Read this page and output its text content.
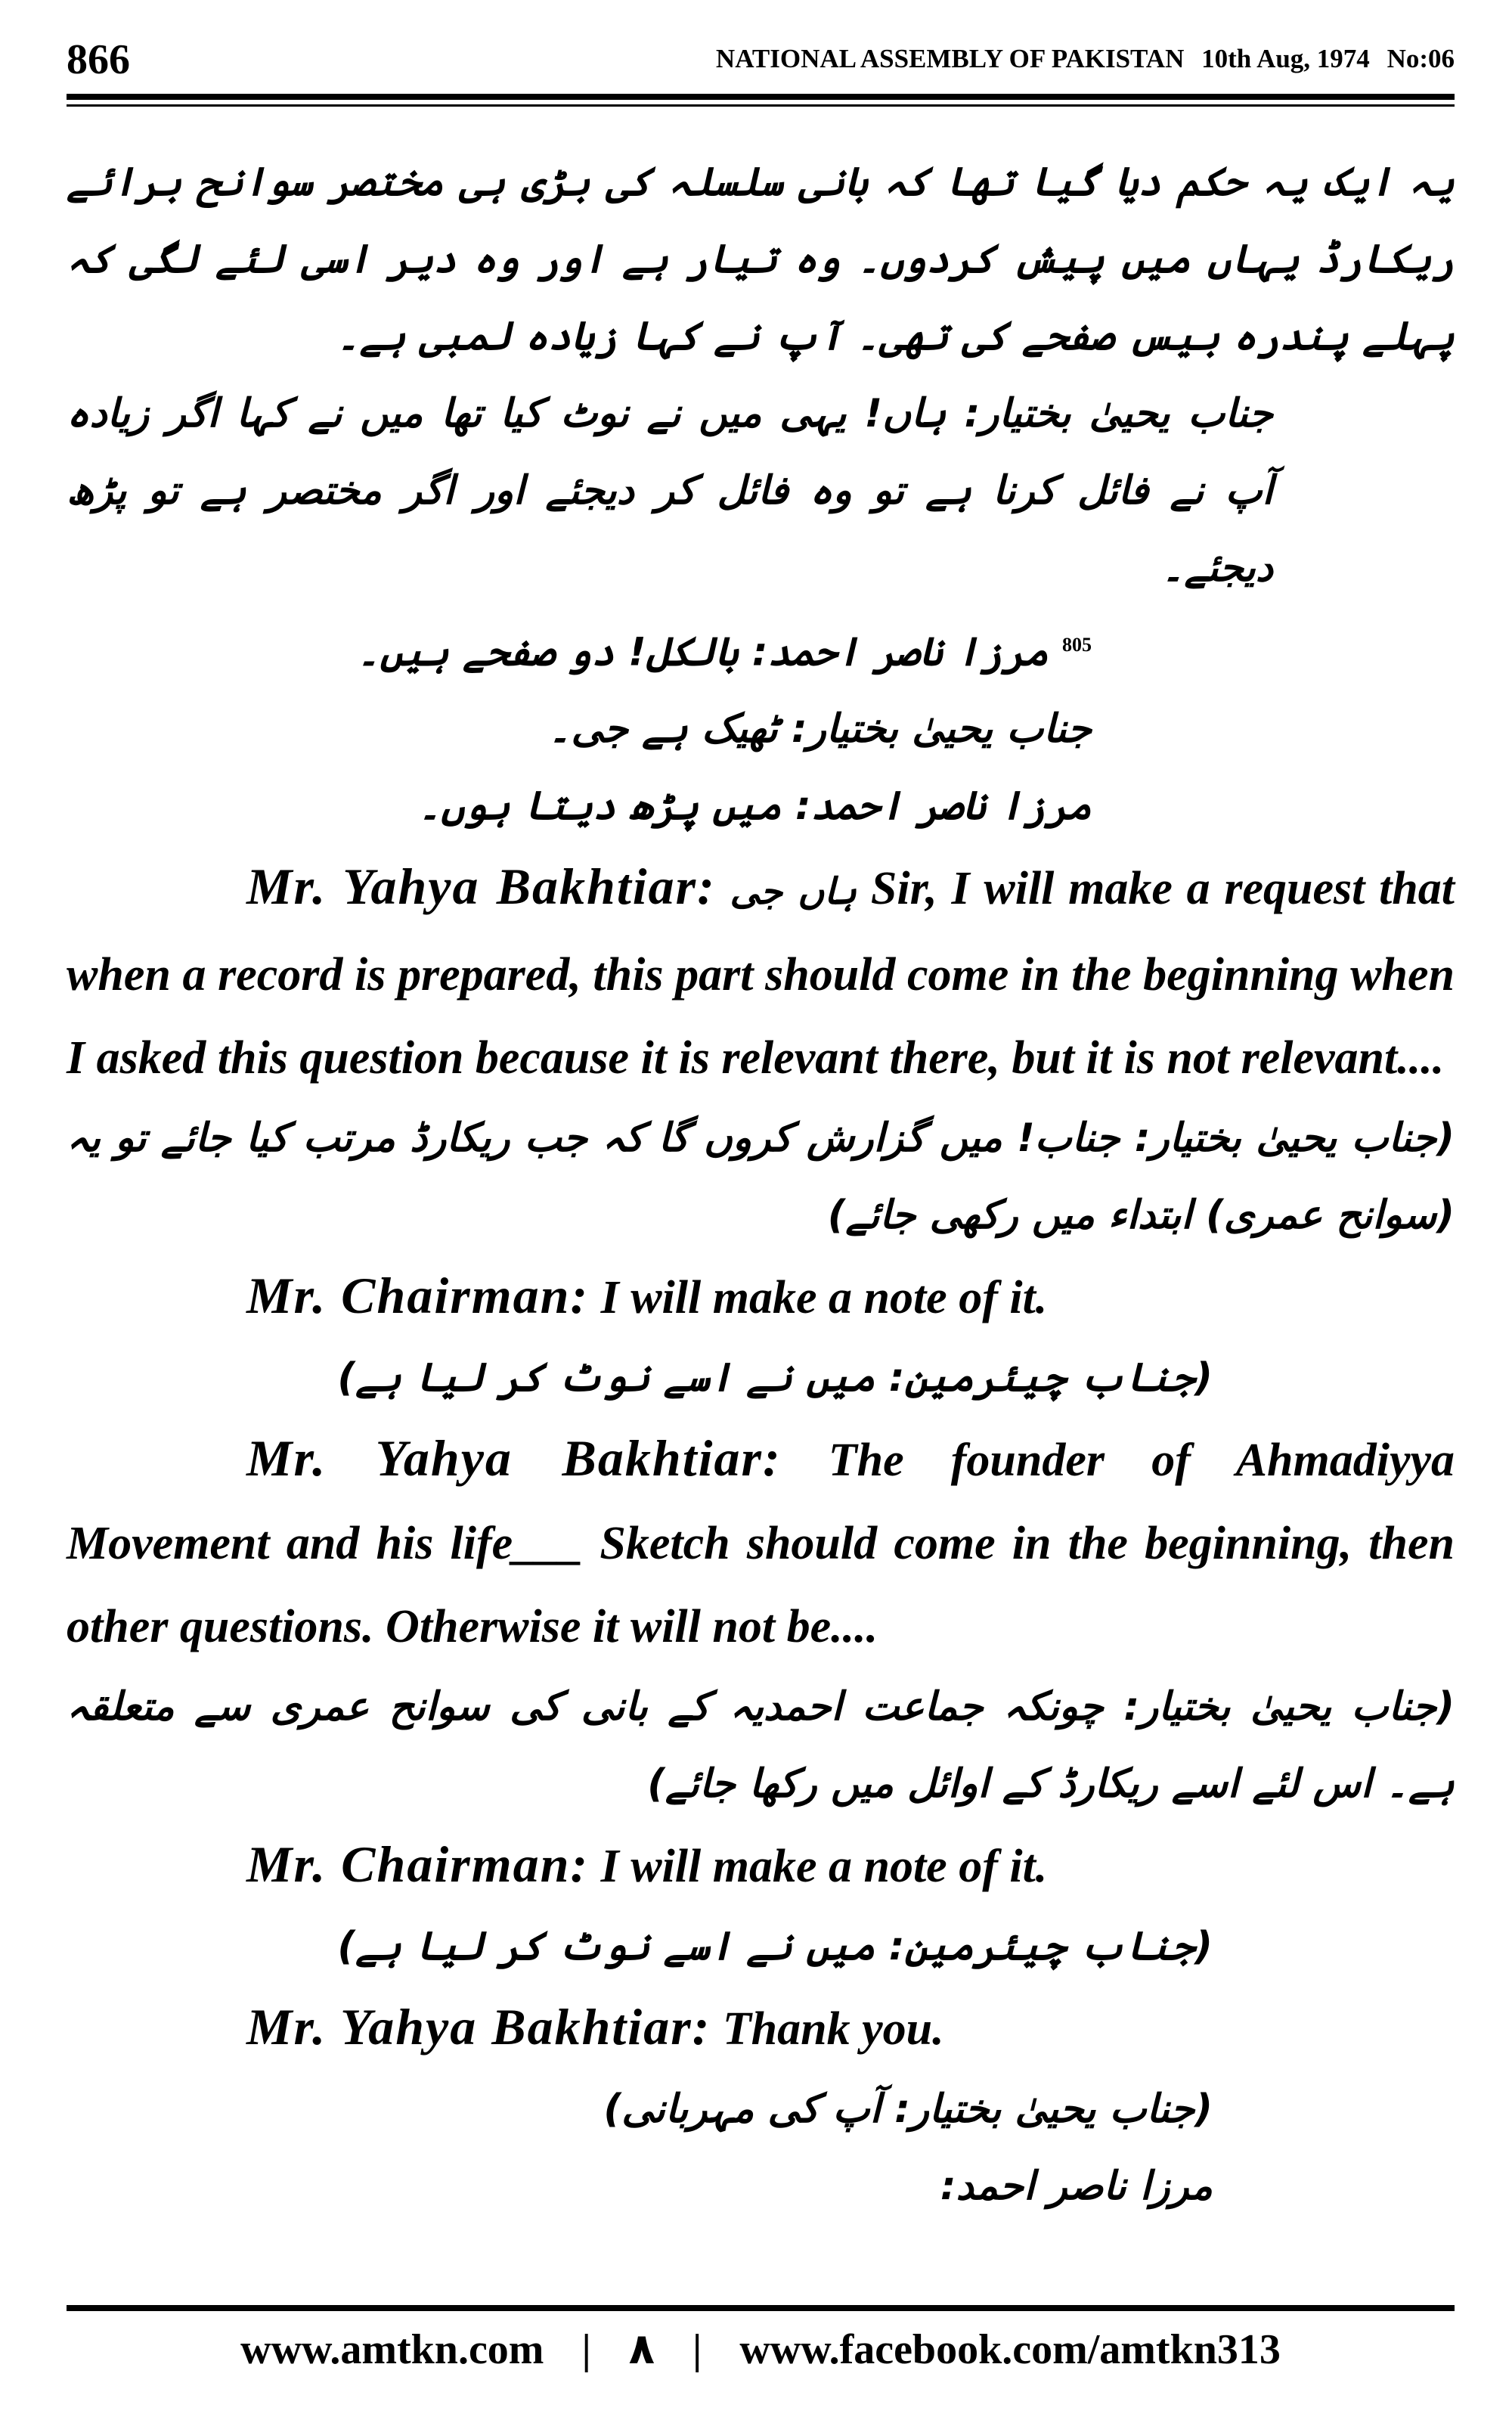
866	NATIONAL ASSEMBLY OF PAKISTAN 10th Aug, 1974 No:06

یہ ایک یہ حکم دیا گیا تھا کہ بانی سلسلہ کی بڑی ہی مختصر سوانح برائے ریکارڈ یہاں میں پیش کردوں۔ وہ تیار ہے اور وہ دیر اسی لئے لگی کہ پہلے پندرہ بیس صفحے کی تھی۔ آپ نے کہا زیادہ لمبی ہے۔

جناب یحییٰ بختیار: ہاں! یہی میں نے نوٹ کیا تھا میں نے کہا اگر زیادہ آپ نے فائل کرنا ہے تو وہ فائل کر دیجئے اور اگر مختصر ہے تو پڑھ دیجئے۔

$^{805}$ مرزا ناصر احمد: بالکل! دو صفحے ہیں۔

جناب یحییٰ بختیار: ٹھیک ہے جی۔

مرزا ناصر احمد: میں پڑھ دیتا ہوں۔

Mr. Yahya Bakhtiar: ہاں جی Sir, I will make a request that when a record is prepared, this part should come in the beginning when I asked this question because it is relevant there, but it is not relevant....

(جناب یحییٰ بختیار: جناب! میں گزارش کروں گا کہ جب ریکارڈ مرتب کیا جائے تو یہ (سوانح عمری) ابتداء میں رکھی جائے)

Mr. Chairman: I will make a note of it.

(جناب چیئرمین: میں نے اسے نوٹ کر لیا ہے)

Mr. Yahya Bakhtiar: The founder of Ahmadiyya Movement and his life___ Sketch should come in the beginning, then other questions. Otherwise it will not be....

(جناب یحییٰ بختیار: چونکہ جماعت احمدیہ کے بانی کی سوانح عمری سے متعلقہ ہے۔ اس لئے اسے ریکارڈ کے اوائل میں رکھا جائے)

Mr. Chairman: I will make a note of it.

(جناب چیئرمین: میں نے اسے نوٹ کر لیا ہے)

Mr. Yahya Bakhtiar: Thank you.

(جناب یحییٰ بختیار: آپ کی مہربانی)

مرزا ناصر احمد:

www.amtkn.com | ٨ | www.facebook.com/amtkn313
